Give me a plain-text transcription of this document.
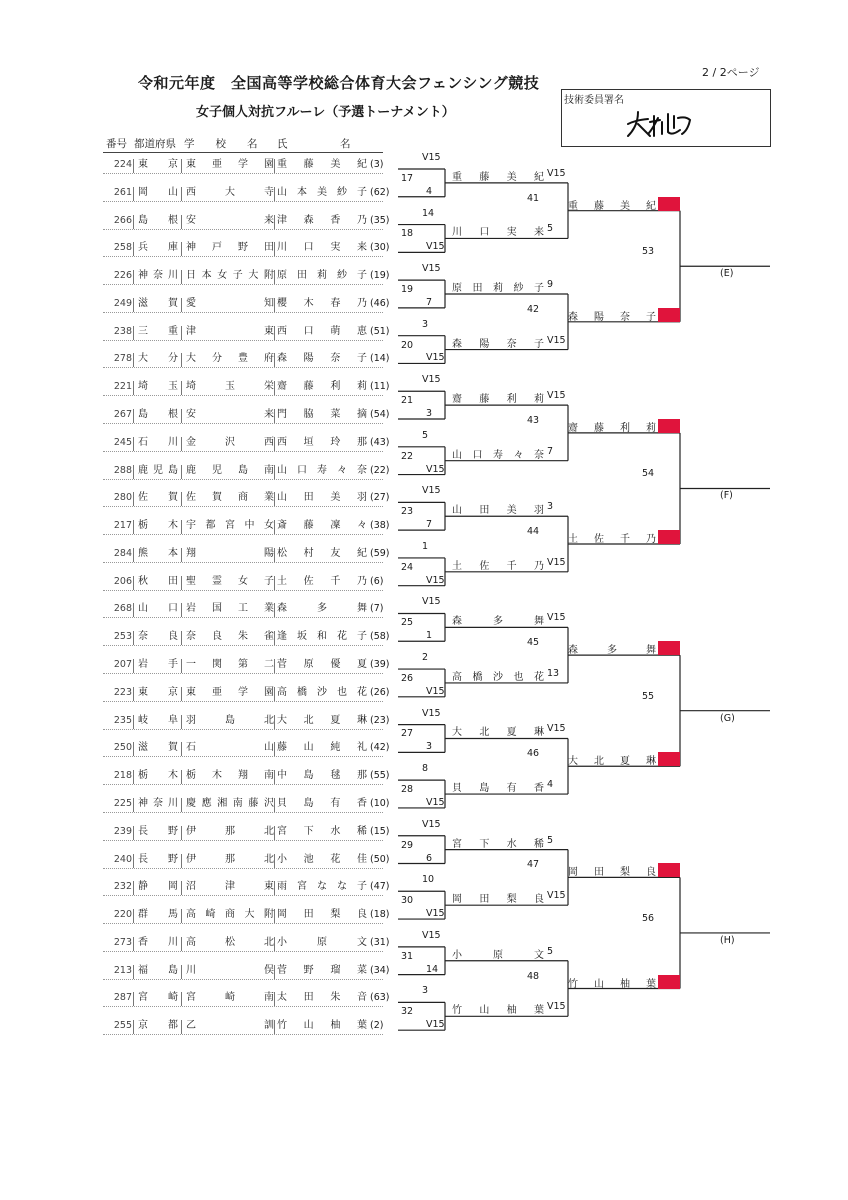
令和元年度　全国高等学校総合体育大会フェンシング競技
女子個人対抗フルーレ（予選トーナメント）
2 / 2ページ
技術委員署名
番号 都道府県 学　　校　　名 氏　　　　　名
224 東京 東亜学園 重藤美紀 (3)
261 岡山 西大寺 山本美紗子 (62)
266 島根 安来 津森香乃 (35)
258 兵庫 神戸野田 川口実来 (30)
226 神奈川 日本女子大附 原田莉紗子 (19)
249 滋賀 愛知 櫻木春乃 (46)
238 三重 津東 西口萌恵 (51)
278 大分 大分豊府 森陽奈子 (14)
221 埼玉 埼玉栄 齋藤利莉 (11)
267 島根 安来 門脇菜摘 (54)
245 石川 金沢西 西垣玲那 (43)
288 鹿児島 鹿児島南 山口寿々奈 (22)
280 佐賀 佐賀商業 山田美羽 (27)
217 栃木 宇都宮中女 斎藤凜々 (38)
284 熊本 翔陽 松村友紀 (59)
206 秋田 聖霊女子 土佐千乃 (6)
268 山口 岩国工業 森多舞 (7)
253 奈良 奈良朱雀 逢坂和花子 (58)
207 岩手 一関第二 菅原優夏 (39)
223 東京 東亜学園 高橋沙也花 (26)
235 岐阜 羽島北 大北夏琳 (23)
250 滋賀 石山 藤山純礼 (42)
218 栃木 栃木翔南 中島毬那 (55)
225 神奈川 慶應湘南藤沢 貝島有香 (10)
239 長野 伊那北 宮下水稀 (15)
240 長野 伊那北 小池花佳 (50)
232 静岡 沼津東 雨宮なな子 (47)
220 群馬 高崎商大附 岡田梨良 (18)
273 香川 高松北 小原文 (31)
213 福島 川俣 菅野瑠菜 (34)
287 宮崎 宮崎南 太田朱音 (63)
255 京都 乙訓 竹山柚葉 (2)
V15
4
17
14
V15
18
V15
7
19
3
V15
20
V15
3
21
5
V15
22
V15
7
23
1
V15
24
V15
1
25
2
V15
26
V15
3
27
8
V15
28
V15
6
29
10
V15
30
V15
14
31
3
V15
32
重藤美紀 V15
川口実来 5
41
原田莉紗子 9
森陽奈子 V15
42
齋藤利莉 V15
山口寿々奈 7
43
山田美羽 3
土佐千乃 V15
44
森多舞 V15
高橋沙也花 13
45
大北夏琳 V15
貝島有香 4
46
宮下水稀 5
岡田梨良 V15
47
小原文 5
竹山柚葉 V15
48
重藤美紀
森陽奈子
53
(E)
齋藤利莉
土佐千乃
54
(F)
森多舞
大北夏琳
55
(G)
岡田梨良
竹山柚葉
56
(H)
